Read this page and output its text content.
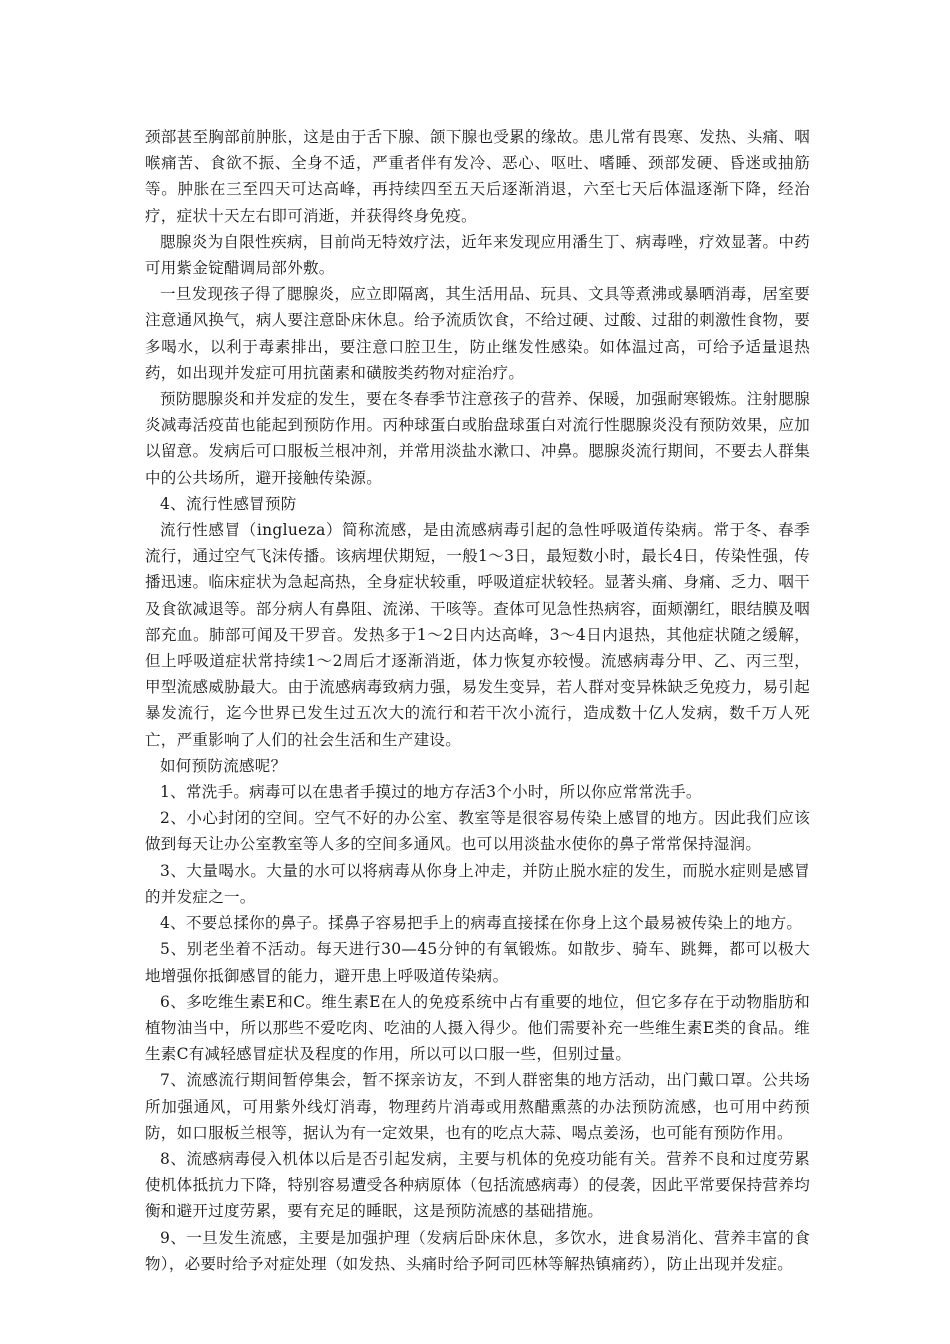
颈部甚至胸部前肿胀，这是由于舌下腺、颌下腺也受累的缘故。患儿常有畏寒、发热、头痛、咽喉痛苦、食欲不振、全身不适，严重者伴有发冷、恶心、呕吐、嗜睡、颈部发硬、昏迷或抽筋等。肿胀在三至四天可达高峰，再持续四至五天后逐渐消退，六至七天后体温逐渐下降，经治疗，症状十天左右即可消逝，并获得终身免疫。

腮腺炎为自限性疾病，目前尚无特效疗法，近年来发现应用潘生丁、病毒唑，疗效显著。中药可用紫金锭醋调局部外敷。

一旦发现孩子得了腮腺炎，应立即隔离，其生活用品、玩具、文具等煮沸或暴晒消毒，居室要注意通风换气，病人要注意卧床休息。给予流质饮食，不给过硬、过酸、过甜的刺激性食物，要多喝水，以利于毒素排出，要注意口腔卫生，防止继发性感染。如体温过高，可给予适量退热药，如出现并发症可用抗菌素和磺胺类药物对症治疗。

预防腮腺炎和并发症的发生，要在冬春季节注意孩子的营养、保暖，加强耐寒锻炼。注射腮腺炎减毒活疫苗也能起到预防作用。丙种球蛋白或胎盘球蛋白对流行性腮腺炎没有预防效果，应加以留意。发病后可口服板兰根冲剂，并常用淡盐水漱口、冲鼻。腮腺炎流行期间，不要去人群集中的公共场所，避开接触传染源。

4、流行性感冒预防

流行性感冒（inglueza）简称流感，是由流感病毒引起的急性呼吸道传染病。常于冬、春季流行，通过空气飞沫传播。该病埋伏期短，一般1～3日，最短数小时，最长4日，传染性强，传播迅速。临床症状为急起高热，全身症状较重，呼吸道症状较轻。显著头痛、身痛、乏力、咽干及食欲减退等。部分病人有鼻阻、流涕、干咳等。查体可见急性热病容，面颊潮红，眼结膜及咽部充血。肺部可闻及干罗音。发热多于1～2日内达高峰，3～4日内退热，其他症状随之缓解，但上呼吸道症状常持续1～2周后才逐渐消逝，体力恢复亦较慢。流感病毒分甲、乙、丙三型，甲型流感威胁最大。由于流感病毒致病力强，易发生变异，若人群对变异株缺乏免疫力，易引起暴发流行，迄今世界已发生过五次大的流行和若干次小流行，造成数十亿人发病，数千万人死亡，严重影响了人们的社会生活和生产建设。

如何预防流感呢？

1、常洗手。病毒可以在患者手摸过的地方存活3个小时，所以你应常常洗手。

2、小心封闭的空间。空气不好的办公室、教室等是很容易传染上感冒的地方。因此我们应该做到每天让办公室教室等人多的空间多通风。也可以用淡盐水使你的鼻子常常保持湿润。

3、大量喝水。大量的水可以将病毒从你身上冲走，并防止脱水症的发生，而脱水症则是感冒的并发症之一。

4、不要总揉你的鼻子。揉鼻子容易把手上的病毒直接揉在你身上这个最易被传染上的地方。

5、别老坐着不活动。每天进行30—45分钟的有氧锻炼。如散步、骑车、跳舞，都可以极大地增强你抵御感冒的能力，避开患上呼吸道传染病。

6、多吃维生素E和C。维生素E在人的免疫系统中占有重要的地位，但它多存在于动物脂肪和植物油当中，所以那些不爱吃肉、吃油的人摄入得少。他们需要补充一些维生素E类的食品。维生素C有减轻感冒症状及程度的作用，所以可以口服一些，但别过量。

7、流感流行期间暂停集会，暂不探亲访友，不到人群密集的地方活动，出门戴口罩。公共场所加强通风，可用紫外线灯消毒，物理药片消毒或用熬醋熏蒸的办法预防流感，也可用中药预防，如口服板兰根等，据认为有一定效果，也有的吃点大蒜、喝点姜汤，也可能有预防作用。

8、流感病毒侵入机体以后是否引起发病，主要与机体的免疫功能有关。营养不良和过度劳累使机体抵抗力下降，特别容易遭受各种病原体（包括流感病毒）的侵袭，因此平常要保持营养均衡和避开过度劳累，要有充足的睡眠，这是预防流感的基础措施。

9、一旦发生流感，主要是加强护理（发病后卧床休息，多饮水，进食易消化、营养丰富的食物），必要时给予对症处理（如发热、头痛时给予阿司匹林等解热镇痛药），防止出现并发症。
